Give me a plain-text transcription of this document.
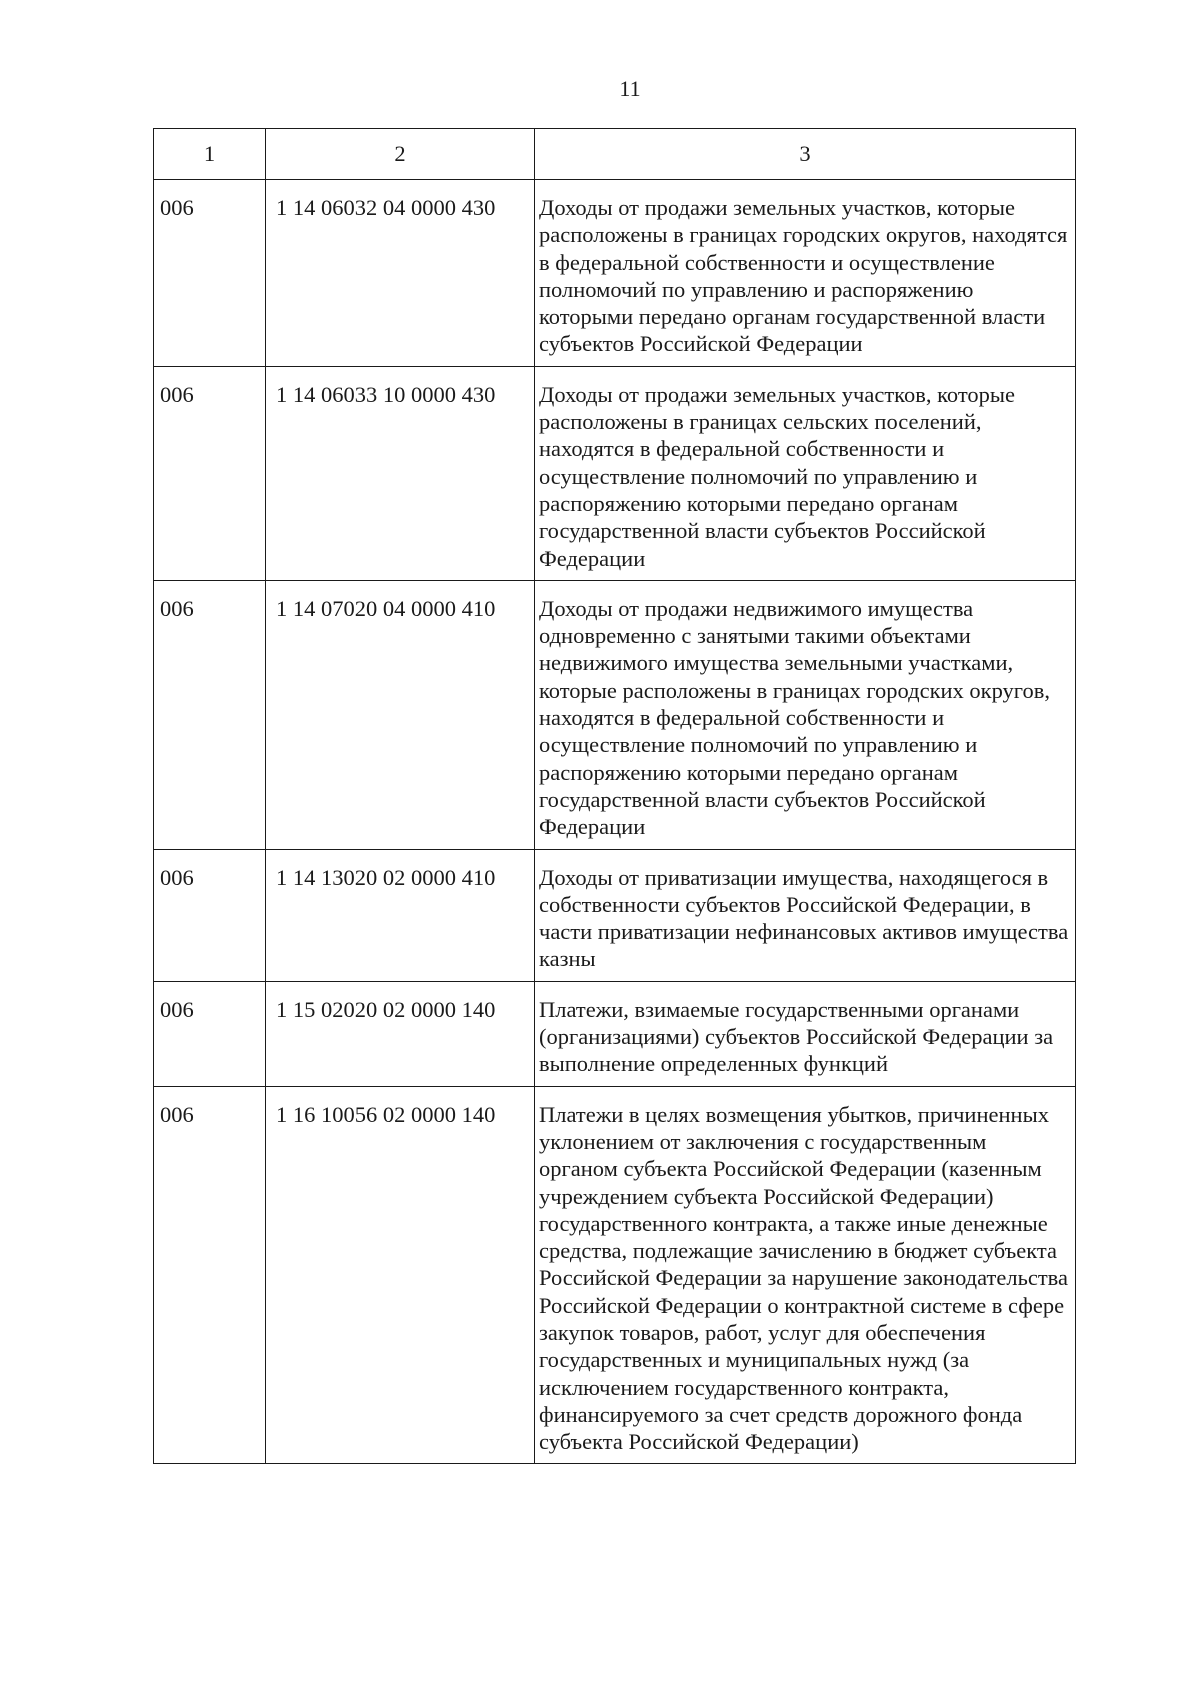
11
1	2	3
006	1 14 06032 04 0000 430	Доходы от продажи земельных участков, которые расположены в границах городских округов, находятся в федеральной собственности и осуществление полномочий по управлению и распоряжению которыми передано органам государственной власти субъектов Российской Федерации
006	1 14 06033 10 0000 430	Доходы от продажи земельных участков, которые расположены в границах сельских поселений, находятся в федеральной собственности и осуществление полномочий по управлению и распоряжению которыми передано органам государственной власти субъектов Российской Федерации
006	1 14 07020 04 0000 410	Доходы от продажи недвижимого имущества одновременно с занятыми такими объектами недвижимого имущества земельными участками, которые расположены в границах городских округов, находятся в федеральной собственности и осуществление полномочий по управлению и распоряжению которыми передано органам государственной власти субъектов Российской Федерации
006	1 14 13020 02 0000 410	Доходы от приватизации имущества, находящегося в собственности субъектов Российской Федерации, в части приватизации нефинансовых активов имущества казны
006	1 15 02020 02 0000 140	Платежи, взимаемые государственными органами (организациями) субъектов Российской Федерации за выполнение определенных функций
006	1 16 10056 02 0000 140	Платежи в целях возмещения убытков, причиненных уклонением от заключения с государственным органом субъекта Российской Федерации (казенным учреждением субъекта Российской Федерации) государственного контракта, а также иные денежные средства, подлежащие зачислению в бюджет субъекта Российской Федерации за нарушение законодательства Российской Федерации о контрактной системе в сфере закупок товаров, работ, услуг для обеспечения государственных и муниципальных нужд (за исключением государственного контракта, финансируемого за счет средств дорожного фонда субъекта Российской Федерации)
